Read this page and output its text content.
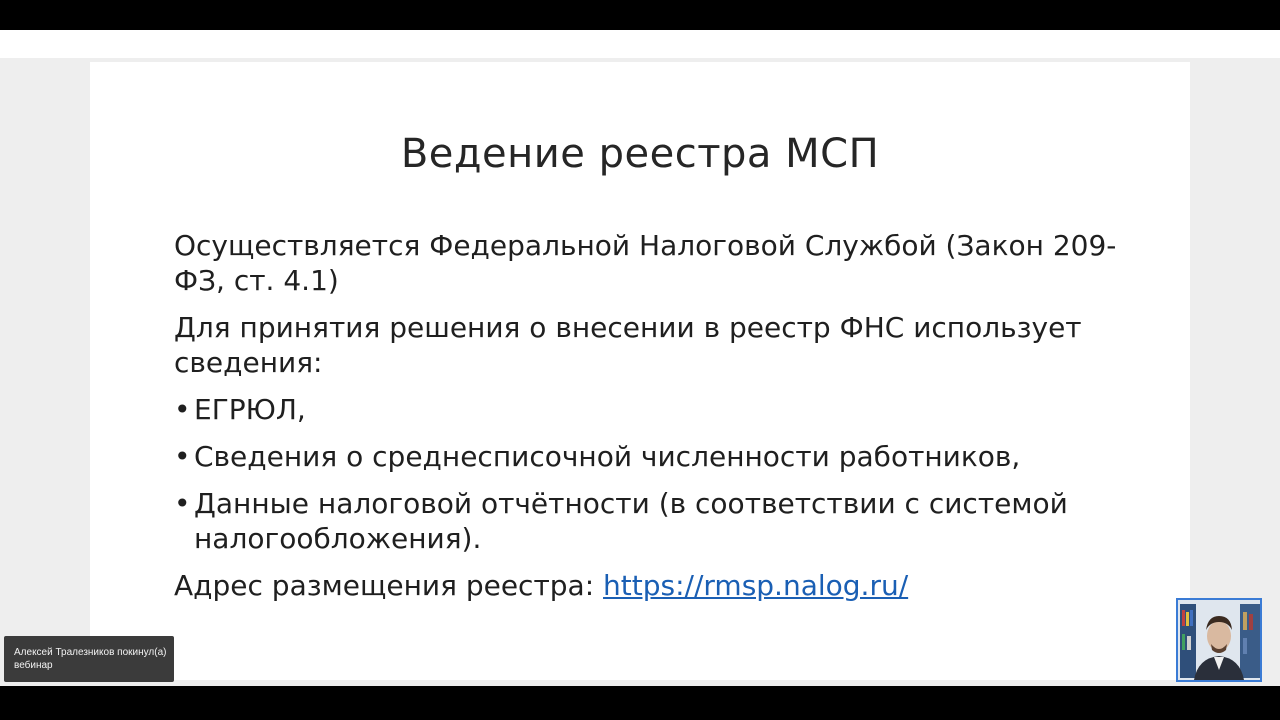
Ведение реестра МСП

Осуществляется Федеральной Налоговой Службой (Закон 209-ФЗ, ст. 4.1)

Для принятия решения о внесении в реестр ФНС использует сведения:

• ЕГРЮЛ,
• Сведения о среднесписочной численности работников,
• Данные налоговой отчётности (в соответствии с системой налогообложения).

Адрес размещения реестра: https://rmsp.nalog.ru/

Алексей Тралезников покинул(а) вебинар
